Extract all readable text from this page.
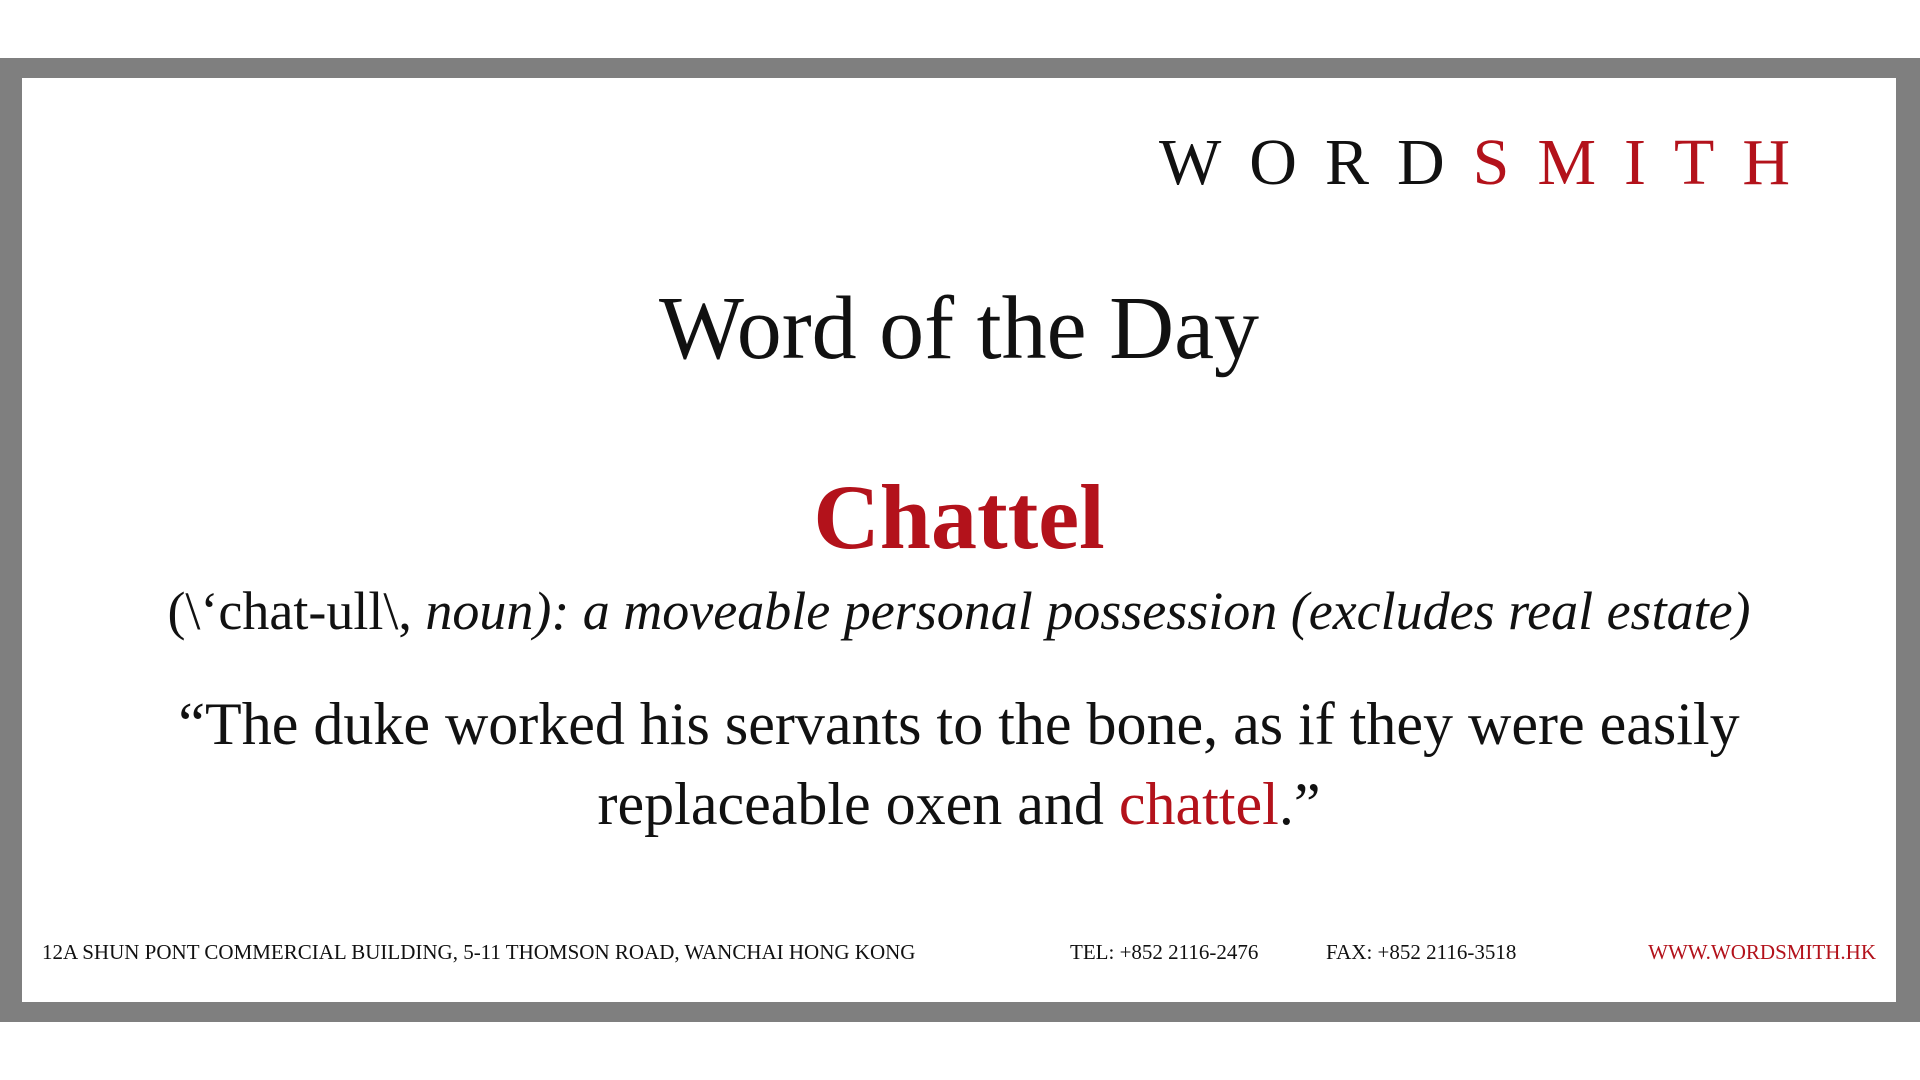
WORDSMITH
Word of the Day
Chattel
(\‘chat-ull\, noun): a moveable personal possession (excludes real estate)
“The duke worked his servants to the bone, as if they were easily replaceable oxen and chattel.”
12A SHUN PONT COMMERCIAL BUILDING, 5-11 THOMSON ROAD, WANCHAI HONG KONG	TEL: +852 2116-2476	FAX: +852 2116-3518	WWW.WORDSMITH.HK
